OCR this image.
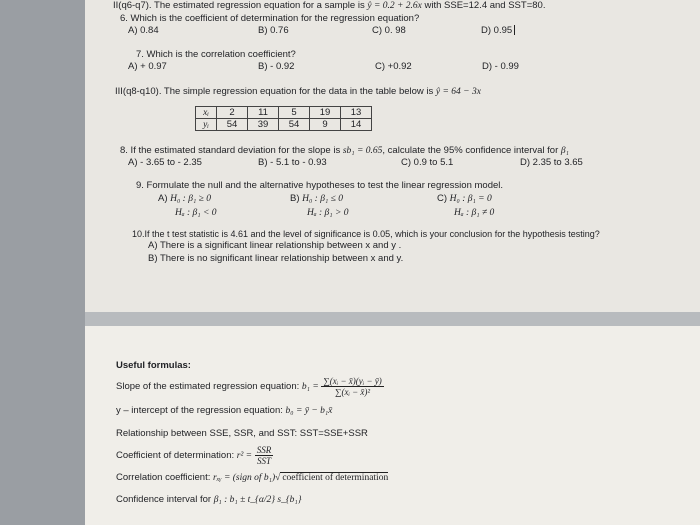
II(q6-q7). The estimated regression equation for a sample is ŷ = 0.2 + 2.6x with SSE=12.4 and SST=80.
6. Which is the coefficient of determination for the regression equation?
A) 0.84	B) 0.76	C) 0. 98	D) 0.95
7. Which is the correlation coefficient?
A) + 0.97	B) - 0.92	C) +0.92	D) - 0.99
III(q8-q10). The simple regression equation for the data in the table below is ŷ = 64 − 3x
xᵢ	2	11	5	19	13
yᵢ	54	39	54	9	14
8. If the estimated standard deviation for the slope is sb₁ = 0.65, calculate the 95% confidence interval for β₁
A) - 3.65 to - 2.35	B) - 5.1 to - 0.93	C) 0.9 to 5.1	D) 2.35 to 3.65
9. Formulate the null and the alternative hypotheses to test the linear regression model.
A) H₀ : β₁ ≥ 0
Hₐ : β₁ < 0
B) H₀ : β₁ ≤ 0
Hₐ : β₁ > 0
C) H₀ : β₁ = 0
Hₐ : β₁ ≠ 0
10.If the t test statistic is 4.61 and the level of significance is 0.05, which is your conclusion for the hypothesis testing?
A) There is a significant linear relationship between x and y .
B) There is no significant linear relationship between x and y.
Useful formulas:
Slope of the estimated regression equation: $b_1 = \frac{\text{∑(xᵢ − x̄)(yᵢ − ȳ)}}{\text{∑(xᵢ − x̄)²}}$
y – intercept of the regression equation: b₀ = ȳ − b₁x̄
Relationship between SSE, SSR, and SST: SST=SSE+SSR
Coefficient of determination: $r^2 = \frac{\text{SSR}}{\text{SST}}$
Correlation coefficient: rₓᵧ = (sign of b₁)√ coefficient of determination
Confidence interval for β₁ : b₁ ± t_{α/2} s_{b₁}
